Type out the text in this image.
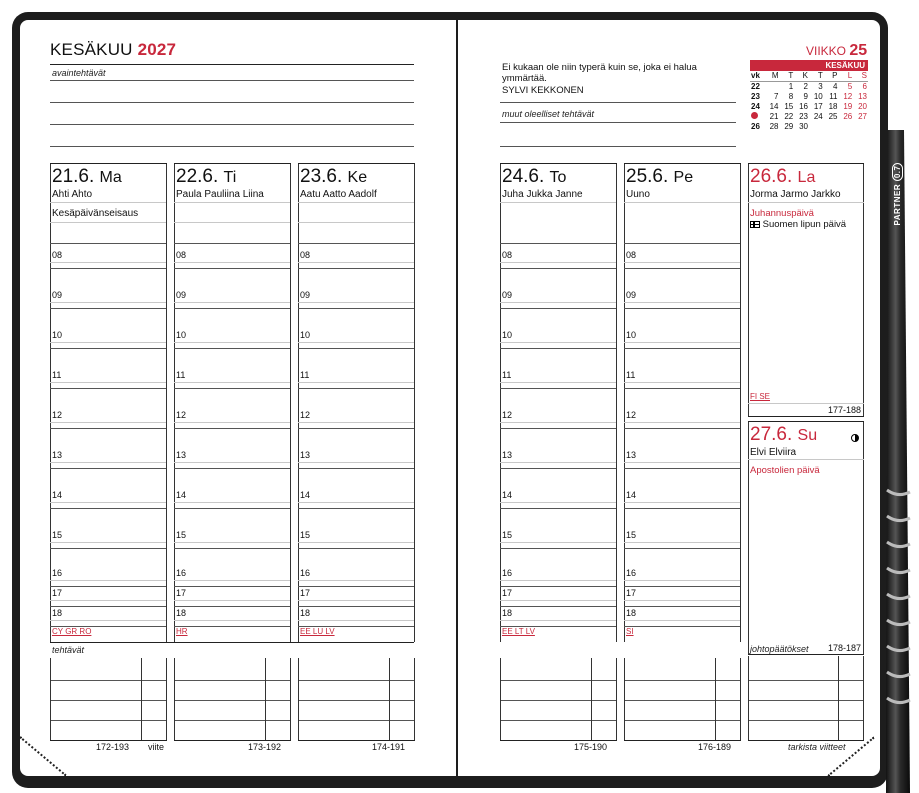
KESÄKUU 2027
avaintehtävät
21.6. Ma
Ahti Ahto
Kesäpäivänseisaus
08
09
10
11
12
13
14
15
16
17
18
CY GR RO
172-193
22.6. Ti
Paula Pauliina Liina
08
09
10
11
12
13
14
15
16
17
18
HR
173-192
23.6. Ke
Aatu Aatto Aadolf
08
09
10
11
12
13
14
15
16
17
18
EE LU LV
174-191
tehtävät
viite
Ei kukaan ole niin typerä kuin se, joka ei halua ymmärtää.
SYLVI KEKKONEN
muut oleelliset tehtävät
VIIKKO 25
KESÄKUU
vk	M	T	K	T	P	L	S
22		1	2	3	4	5	6
23	7	8	9	10	11	12	13
24	14	15	16	17	18	19	20
	21	22	23	24	25	26	27
26	28	29	30				
24.6. To
Juha Jukka Janne
08
09
10
11
12
13
14
15
16
17
18
EE LT LV
175-190
25.6. Pe
Uuno
08
09
10
11
12
13
14
15
16
17
18
SI
176-189
26.6. La
Jorma Jarmo Jarkko
Juhannuspäivä
Suomen lipun päivä
FI SE
177-188
27.6. Su
Elvi Elviira
Apostolien päivä
johtopäätökset 178-187
tarkista viitteet
PARTNER 0.7
